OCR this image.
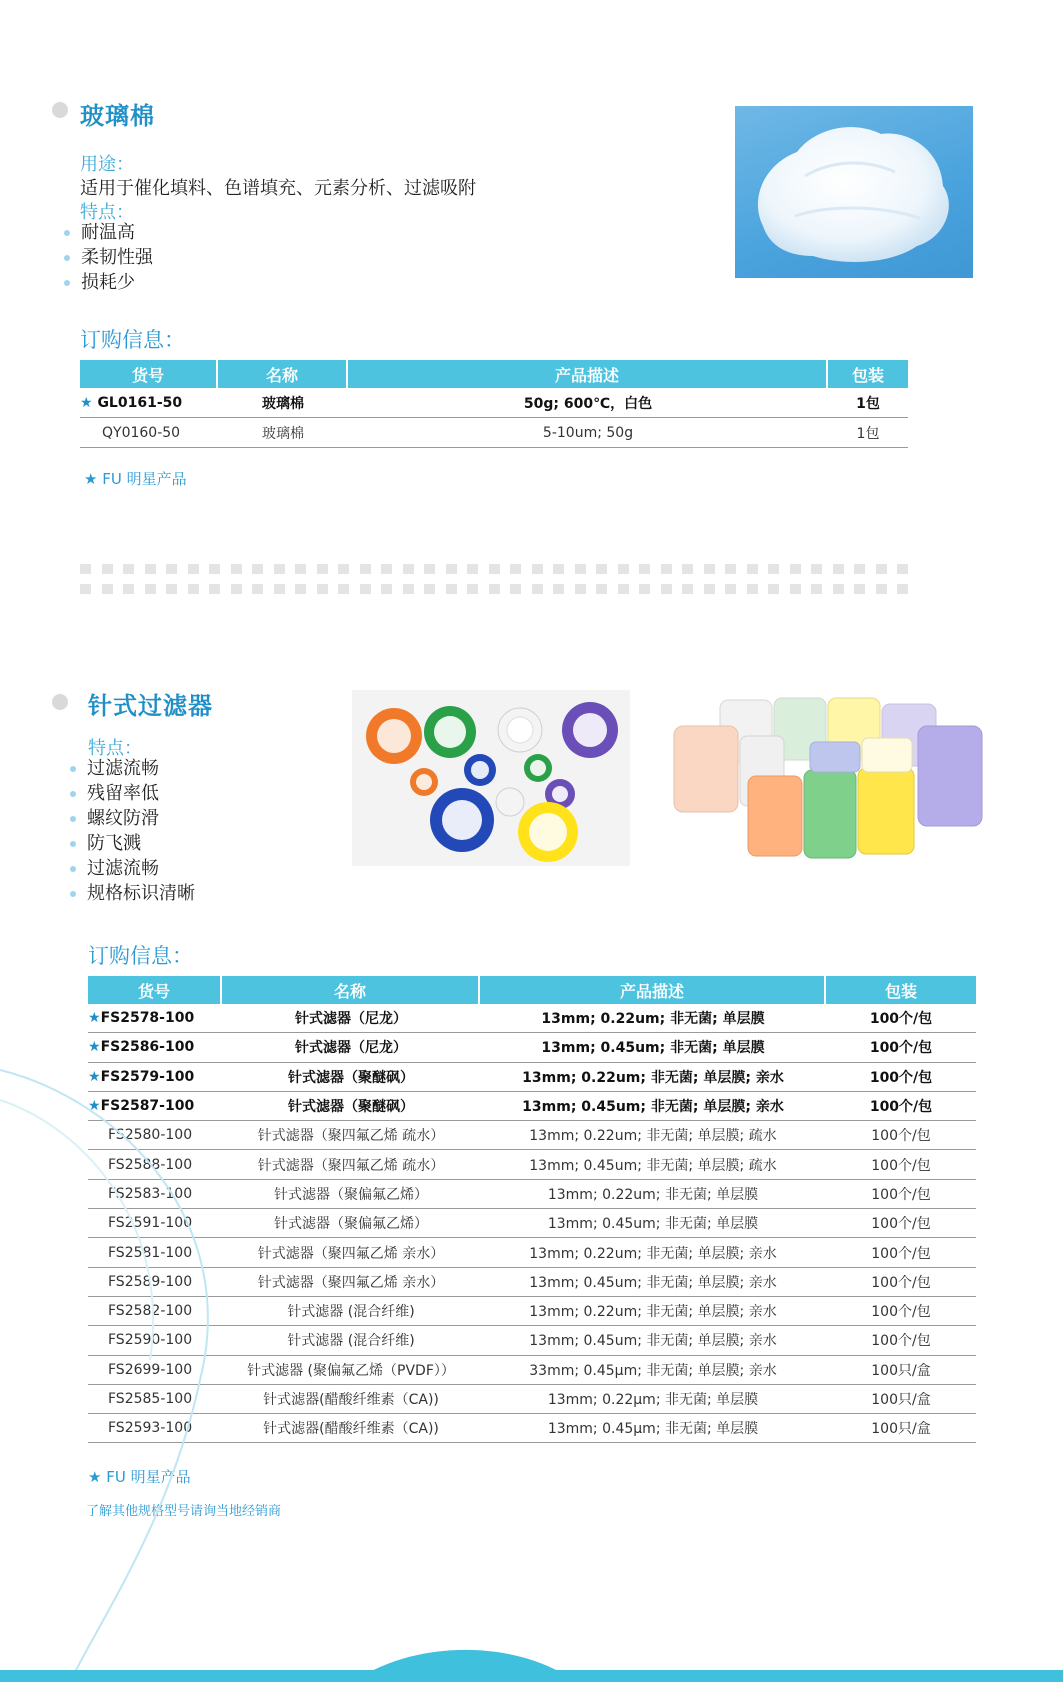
玻璃棉
用途：
适用于催化填料、色谱填充、元素分析、过滤吸附
特点：
耐温高
柔韧性强
损耗少
订购信息：
货号	名称	产品描述	包装
★ GL0161-50	玻璃棉	50g; 600℃，白色	1包
QY0160-50	玻璃棉	5-10um; 50g	1包
★ FU 明星产品
针式过滤器
特点：
过滤流畅
残留率低
螺纹防滑
防飞溅
过滤流畅
规格标识清晰
订购信息：
货号	名称	产品描述	包装
★FS2578-100	针式滤器（尼龙）	13mm; 0.22um; 非无菌; 单层膜	100个/包
★FS2586-100	针式滤器（尼龙）	13mm; 0.45um; 非无菌; 单层膜	100个/包
★FS2579-100	针式滤器（聚醚砜）	13mm; 0.22um; 非无菌; 单层膜; 亲水	100个/包
★FS2587-100	针式滤器（聚醚砜）	13mm; 0.45um; 非无菌; 单层膜; 亲水	100个/包
FS2580-100	针式滤器（聚四氟乙烯 疏水）	13mm; 0.22um; 非无菌; 单层膜; 疏水	100个/包
FS2588-100	针式滤器（聚四氟乙烯 疏水）	13mm; 0.45um; 非无菌; 单层膜; 疏水	100个/包
FS2583-100	针式滤器（聚偏氟乙烯）	13mm; 0.22um; 非无菌; 单层膜	100个/包
FS2591-100	针式滤器（聚偏氟乙烯）	13mm; 0.45um; 非无菌; 单层膜	100个/包
FS2581-100	针式滤器（聚四氟乙烯 亲水）	13mm; 0.22um; 非无菌; 单层膜; 亲水	100个/包
FS2589-100	针式滤器（聚四氟乙烯 亲水）	13mm; 0.45um; 非无菌; 单层膜; 亲水	100个/包
FS2582-100	针式滤器 (混合纤维)	13mm; 0.22um; 非无菌; 单层膜; 亲水	100个/包
FS2590-100	针式滤器 (混合纤维)	13mm; 0.45um; 非无菌; 单层膜; 亲水	100个/包
FS2699-100	针式滤器 (聚偏氟乙烯（PVDF））	33mm; 0.45μm; 非无菌; 单层膜; 亲水	100只/盒
FS2585-100	针式滤器(醋酸纤维素（CA))	13mm; 0.22μm; 非无菌; 单层膜	100只/盒
FS2593-100	针式滤器(醋酸纤维素（CA))	13mm; 0.45μm; 非无菌; 单层膜	100只/盒
★ FU 明星产品
了解其他规格型号请询当地经销商
